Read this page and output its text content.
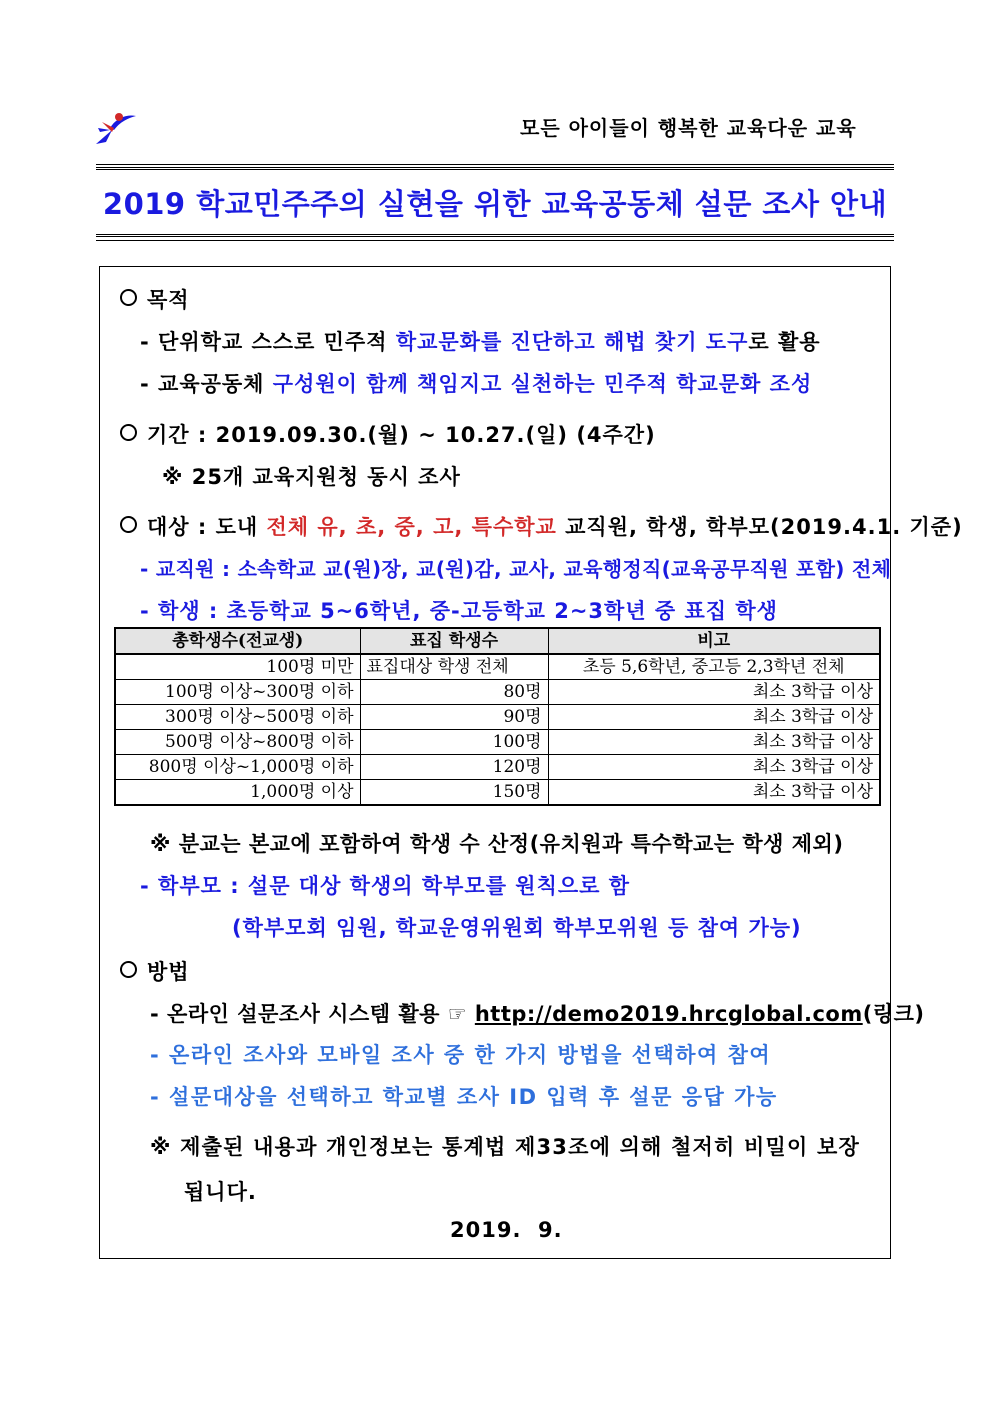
모든 아이들이 행복한 교육다운 교육
2019 학교민주주의 실현을 위한 교육공동체 설문 조사 안내
목적
- 단위학교 스스로 민주적 학교문화를 진단하고 해법 찾기 도구로 활용
- 교육공동체 구성원이 함께 책임지고 실천하는 민주적 학교문화 조성
기간 : 2019.09.30.(월) ~ 10.27.(일) (4주간)
※ 25개 교육지원청 동시 조사
대상 : 도내 전체 유, 초, 중, 고, 특수학교 교직원, 학생, 학부모(2019.4.1. 기준)
- 교직원 : 소속학교 교(원)장, 교(원)감, 교사, 교육행정직(교육공무직원 포함) 전체
- 학생 : 초등학교 5~6학년, 중-고등학교 2~3학년 중 표집 학생
총학생수(전교생)	표집 학생수	비고
100명 미만	표집대상 학생 전체	초등 5,6학년, 중고등 2,3학년 전체
100명 이상~300명 이하	80명	최소 3학급 이상
300명 이상~500명 이하	90명	최소 3학급 이상
500명 이상~800명 이하	100명	최소 3학급 이상
800명 이상~1,000명 이하	120명	최소 3학급 이상
1,000명 이상	150명	최소 3학급 이상
※ 분교는 본교에 포함하여 학생 수 산정(유치원과 특수학교는 학생 제외)
- 학부모 : 설문 대상 학생의 학부모를 원칙으로 함
(학부모회 임원, 학교운영위원회 학부모위원 등 참여 가능)
방법
- 온라인 설문조사 시스템 활용 ☞ http://demo2019.hrcglobal.com(링크)
- 온라인 조사와 모바일 조사 중 한 가지 방법을 선택하여 참여
- 설문대상을 선택하고 학교별 조사 ID 입력 후 설문 응답 가능
※ 제출된 내용과 개인정보는 통계법 제33조에 의해 철저히 비밀이 보장
됩니다.
2019.  9.
